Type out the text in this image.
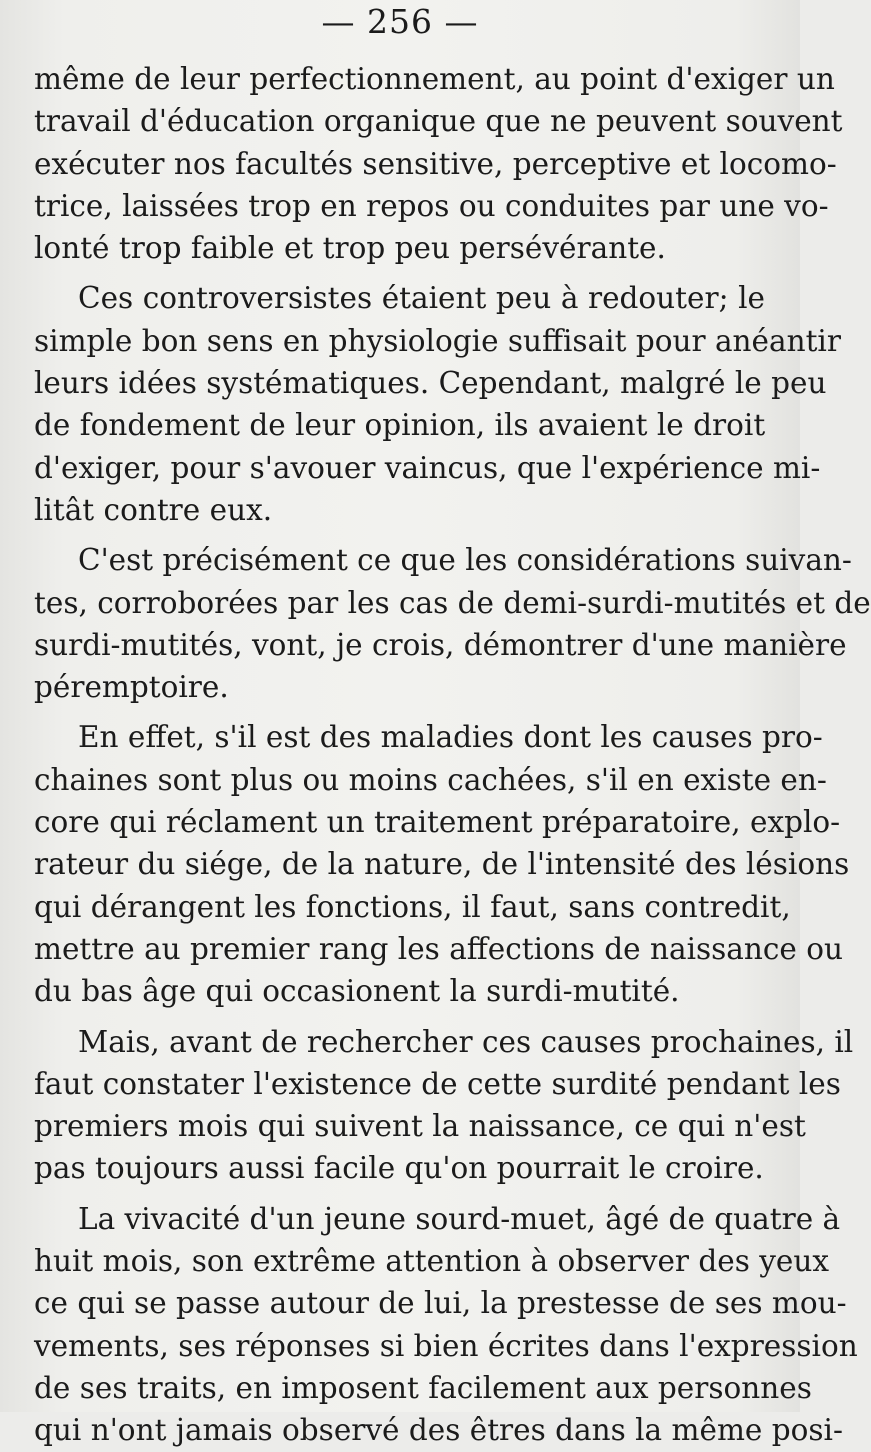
— 256 —
même de leur perfectionnement, au point d'exiger un
travail d'éducation organique que ne peuvent souvent
exécuter nos facultés sensitive, perceptive et locomo-
trice, laissées trop en repos ou conduites par une vo-
lonté trop faible et trop peu persévérante.
Ces controversistes étaient peu à redouter; le
simple bon sens en physiologie suffisait pour anéantir
leurs idées systématiques. Cependant, malgré le peu
de fondement de leur opinion, ils avaient le droit
d'exiger, pour s'avouer vaincus, que l'expérience mi-
litât contre eux.
C'est précisément ce que les considérations suivan-
tes, corroborées par les cas de demi-surdi-mutités et de
surdi-mutités, vont, je crois, démontrer d'une manière
péremptoire.
En effet, s'il est des maladies dont les causes pro-
chaines sont plus ou moins cachées, s'il en existe en-
core qui réclament un traitement préparatoire, explo-
rateur du siége, de la nature, de l'intensité des lésions
qui dérangent les fonctions, il faut, sans contredit,
mettre au premier rang les affections de naissance ou
du bas âge qui occasionent la surdi-mutité.
Mais, avant de rechercher ces causes prochaines, il
faut constater l'existence de cette surdité pendant les
premiers mois qui suivent la naissance, ce qui n'est
pas toujours aussi facile qu'on pourrait le croire.
La vivacité d'un jeune sourd-muet, âgé de quatre à
huit mois, son extrême attention à observer des yeux
ce qui se passe autour de lui, la prestesse de ses mou-
vements, ses réponses si bien écrites dans l'expression
de ses traits, en imposent facilement aux personnes
qui n'ont jamais observé des êtres dans la même posi-
